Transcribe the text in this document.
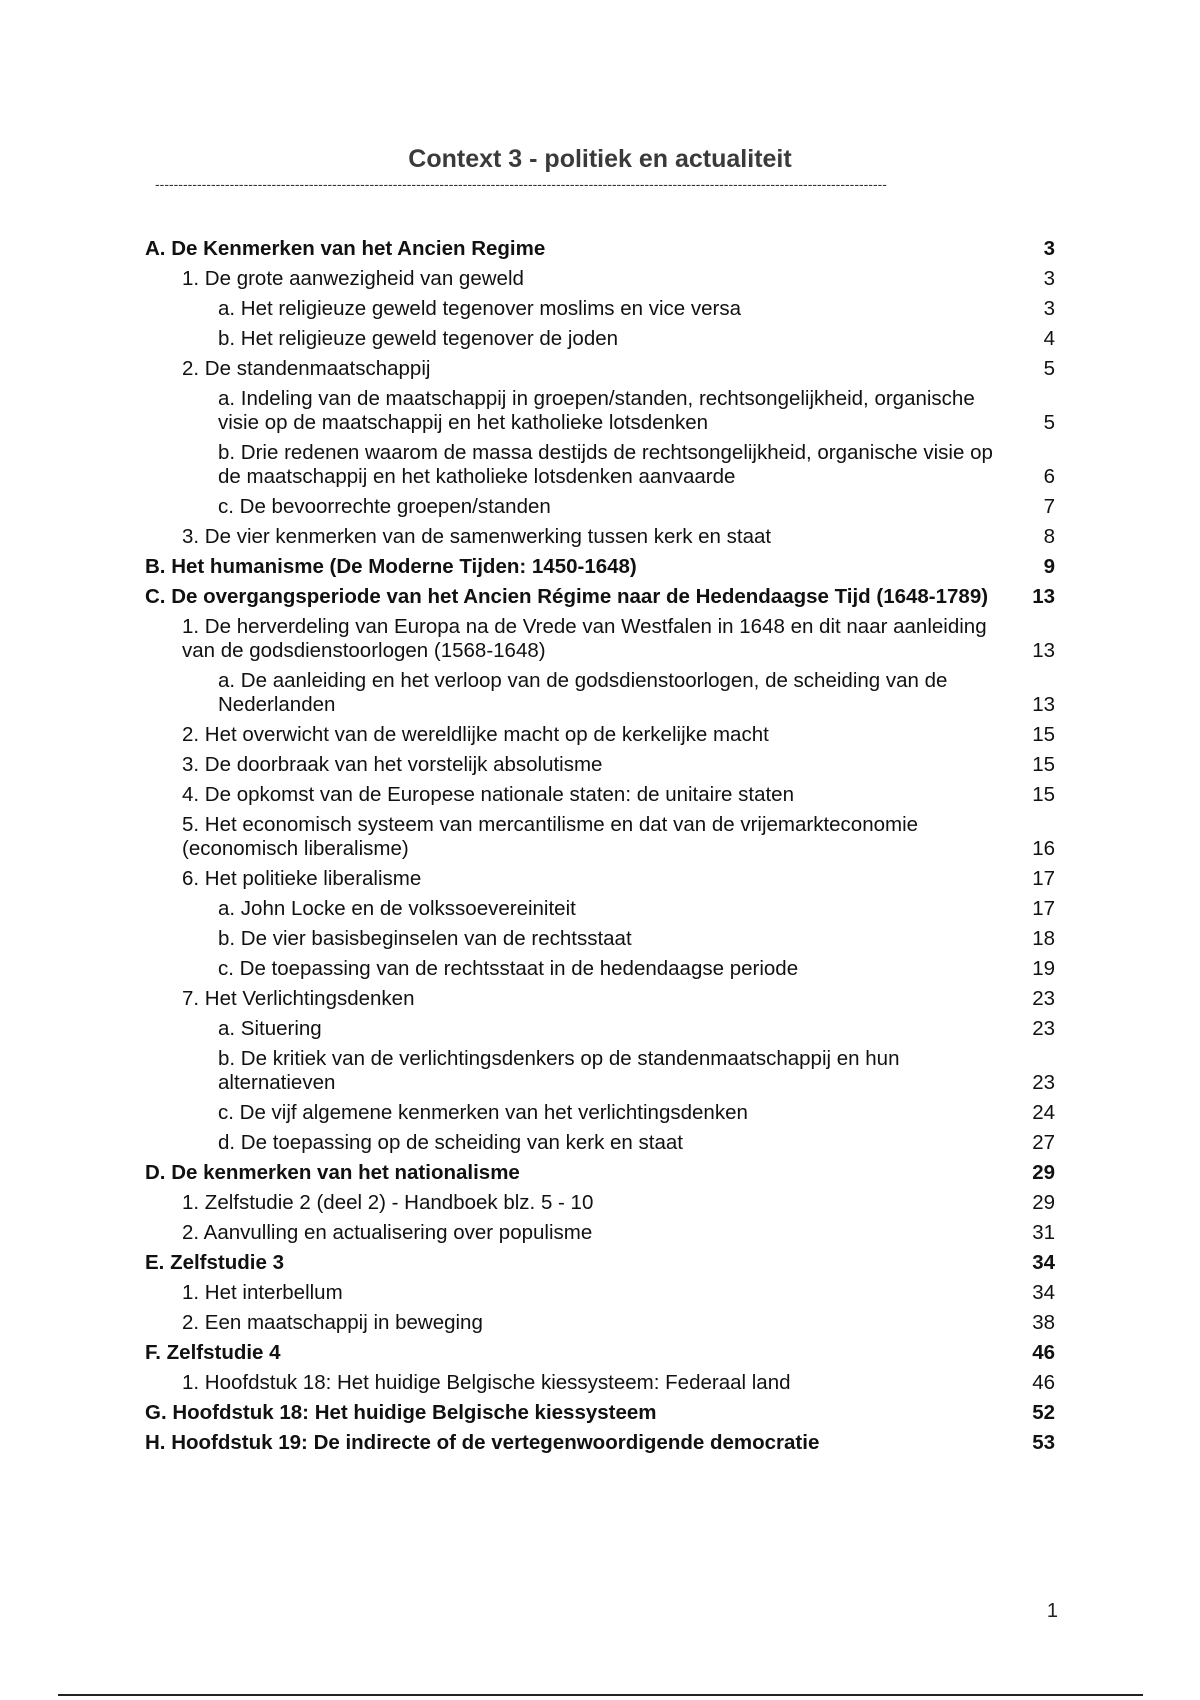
Context 3 - politiek en actualiteit
-------------------------------------------------------------------------------------------------------------------------------------------------------------
A. De Kenmerken van het Ancien Regime	3
1. De grote aanwezigheid van geweld	3
a. Het religieuze geweld tegenover moslims en vice versa	3
b. Het religieuze geweld tegenover de joden	4
2. De standenmaatschappij	5
a. Indeling van de maatschappij in groepen/standen, rechtsongelijkheid, organische visie op de maatschappij en het katholieke lotsdenken	5
b. Drie redenen waarom de massa destijds de rechtsongelijkheid, organische visie op de maatschappij en het katholieke lotsdenken aanvaarde	6
c. De bevoorrechte groepen/standen	7
3. De vier kenmerken van de samenwerking tussen kerk en staat	8
B. Het humanisme (De Moderne Tijden: 1450-1648)	9
C. De overgangsperiode van het Ancien Régime naar de Hedendaagse Tijd (1648-1789)	13
1. De herverdeling van Europa na de Vrede van Westfalen in 1648 en dit naar aanleiding van de godsdienstoorlogen (1568-1648)	13
a. De aanleiding en het verloop van de godsdienstoorlogen, de scheiding van de Nederlanden	13
2. Het overwicht van de wereldlijke macht op de kerkelijke macht	15
3. De doorbraak van het vorstelijk absolutisme	15
4. De opkomst van de Europese nationale staten: de unitaire staten	15
5. Het economisch systeem van mercantilisme en dat van de vrijemarkteconomie (economisch liberalisme)	16
6. Het politieke liberalisme	17
a. John Locke en de volkssoevereiniteit	17
b. De vier basisbeginselen van de rechtsstaat	18
c. De toepassing van de rechtsstaat in de hedendaagse periode	19
7. Het Verlichtingsdenken	23
a. Situering	23
b. De kritiek van de verlichtingsdenkers op de standenmaatschappij en hun alternatieven	23
c. De vijf algemene kenmerken van het verlichtingsdenken	24
d. De toepassing op de scheiding van kerk en staat	27
D. De kenmerken van het nationalisme	29
1. Zelfstudie 2 (deel 2) - Handboek blz. 5 - 10	29
2. Aanvulling en actualisering over populisme	31
E. Zelfstudie 3	34
1. Het interbellum	34
2. Een maatschappij in beweging	38
F. Zelfstudie 4	46
1. Hoofdstuk 18: Het huidige Belgische kiessysteem: Federaal land	46
G. Hoofdstuk 18: Het huidige Belgische kiessysteem	52
H. Hoofdstuk 19: De indirecte of de vertegenwoordigende democratie	53
1
